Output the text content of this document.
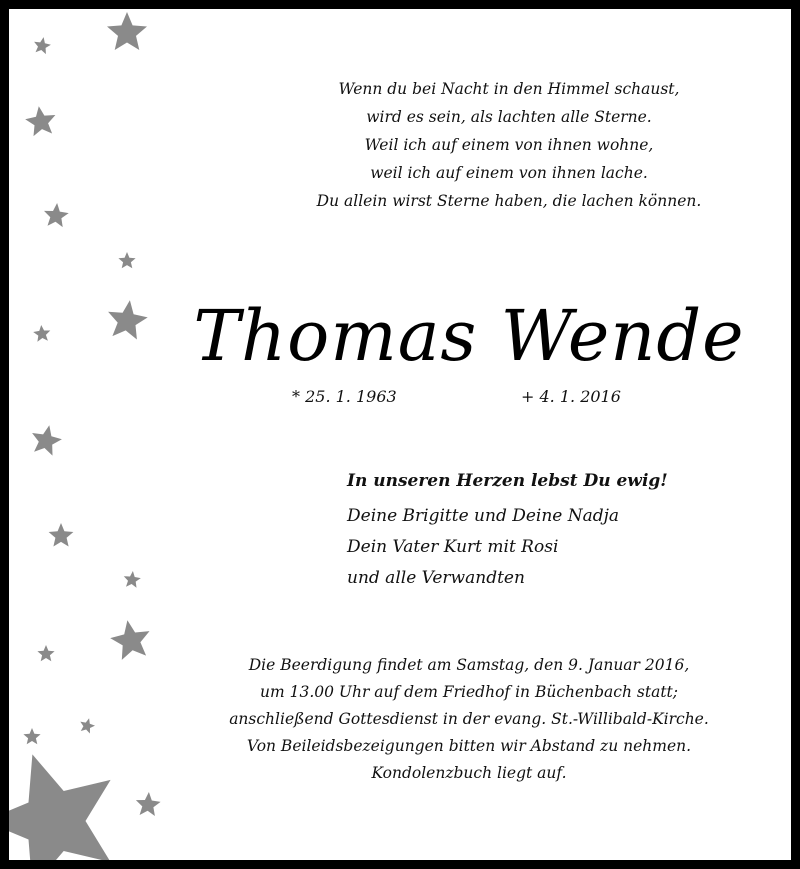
Wenn du bei Nacht in den Himmel schaust,
wird es sein, als lachten alle Sterne.
Weil ich auf einem von ihnen wohne,
weil ich auf einem von ihnen lache.
Du allein wirst Sterne haben, die lachen können.
Thomas Wende
* 25. 1. 1963	+ 4. 1. 2016
In unseren Herzen lebst Du ewig!
Deine Brigitte und Deine Nadja
Dein Vater Kurt mit Rosi
und alle Verwandten
Die Beerdigung findet am Samstag, den 9. Januar 2016,
um 13.00 Uhr auf dem Friedhof in Büchenbach statt;
anschließend Gottesdienst in der evang. St.-Willibald-Kirche.
Von Beileidsbezeigungen bitten wir Abstand zu nehmen.
Kondolenzbuch liegt auf.
